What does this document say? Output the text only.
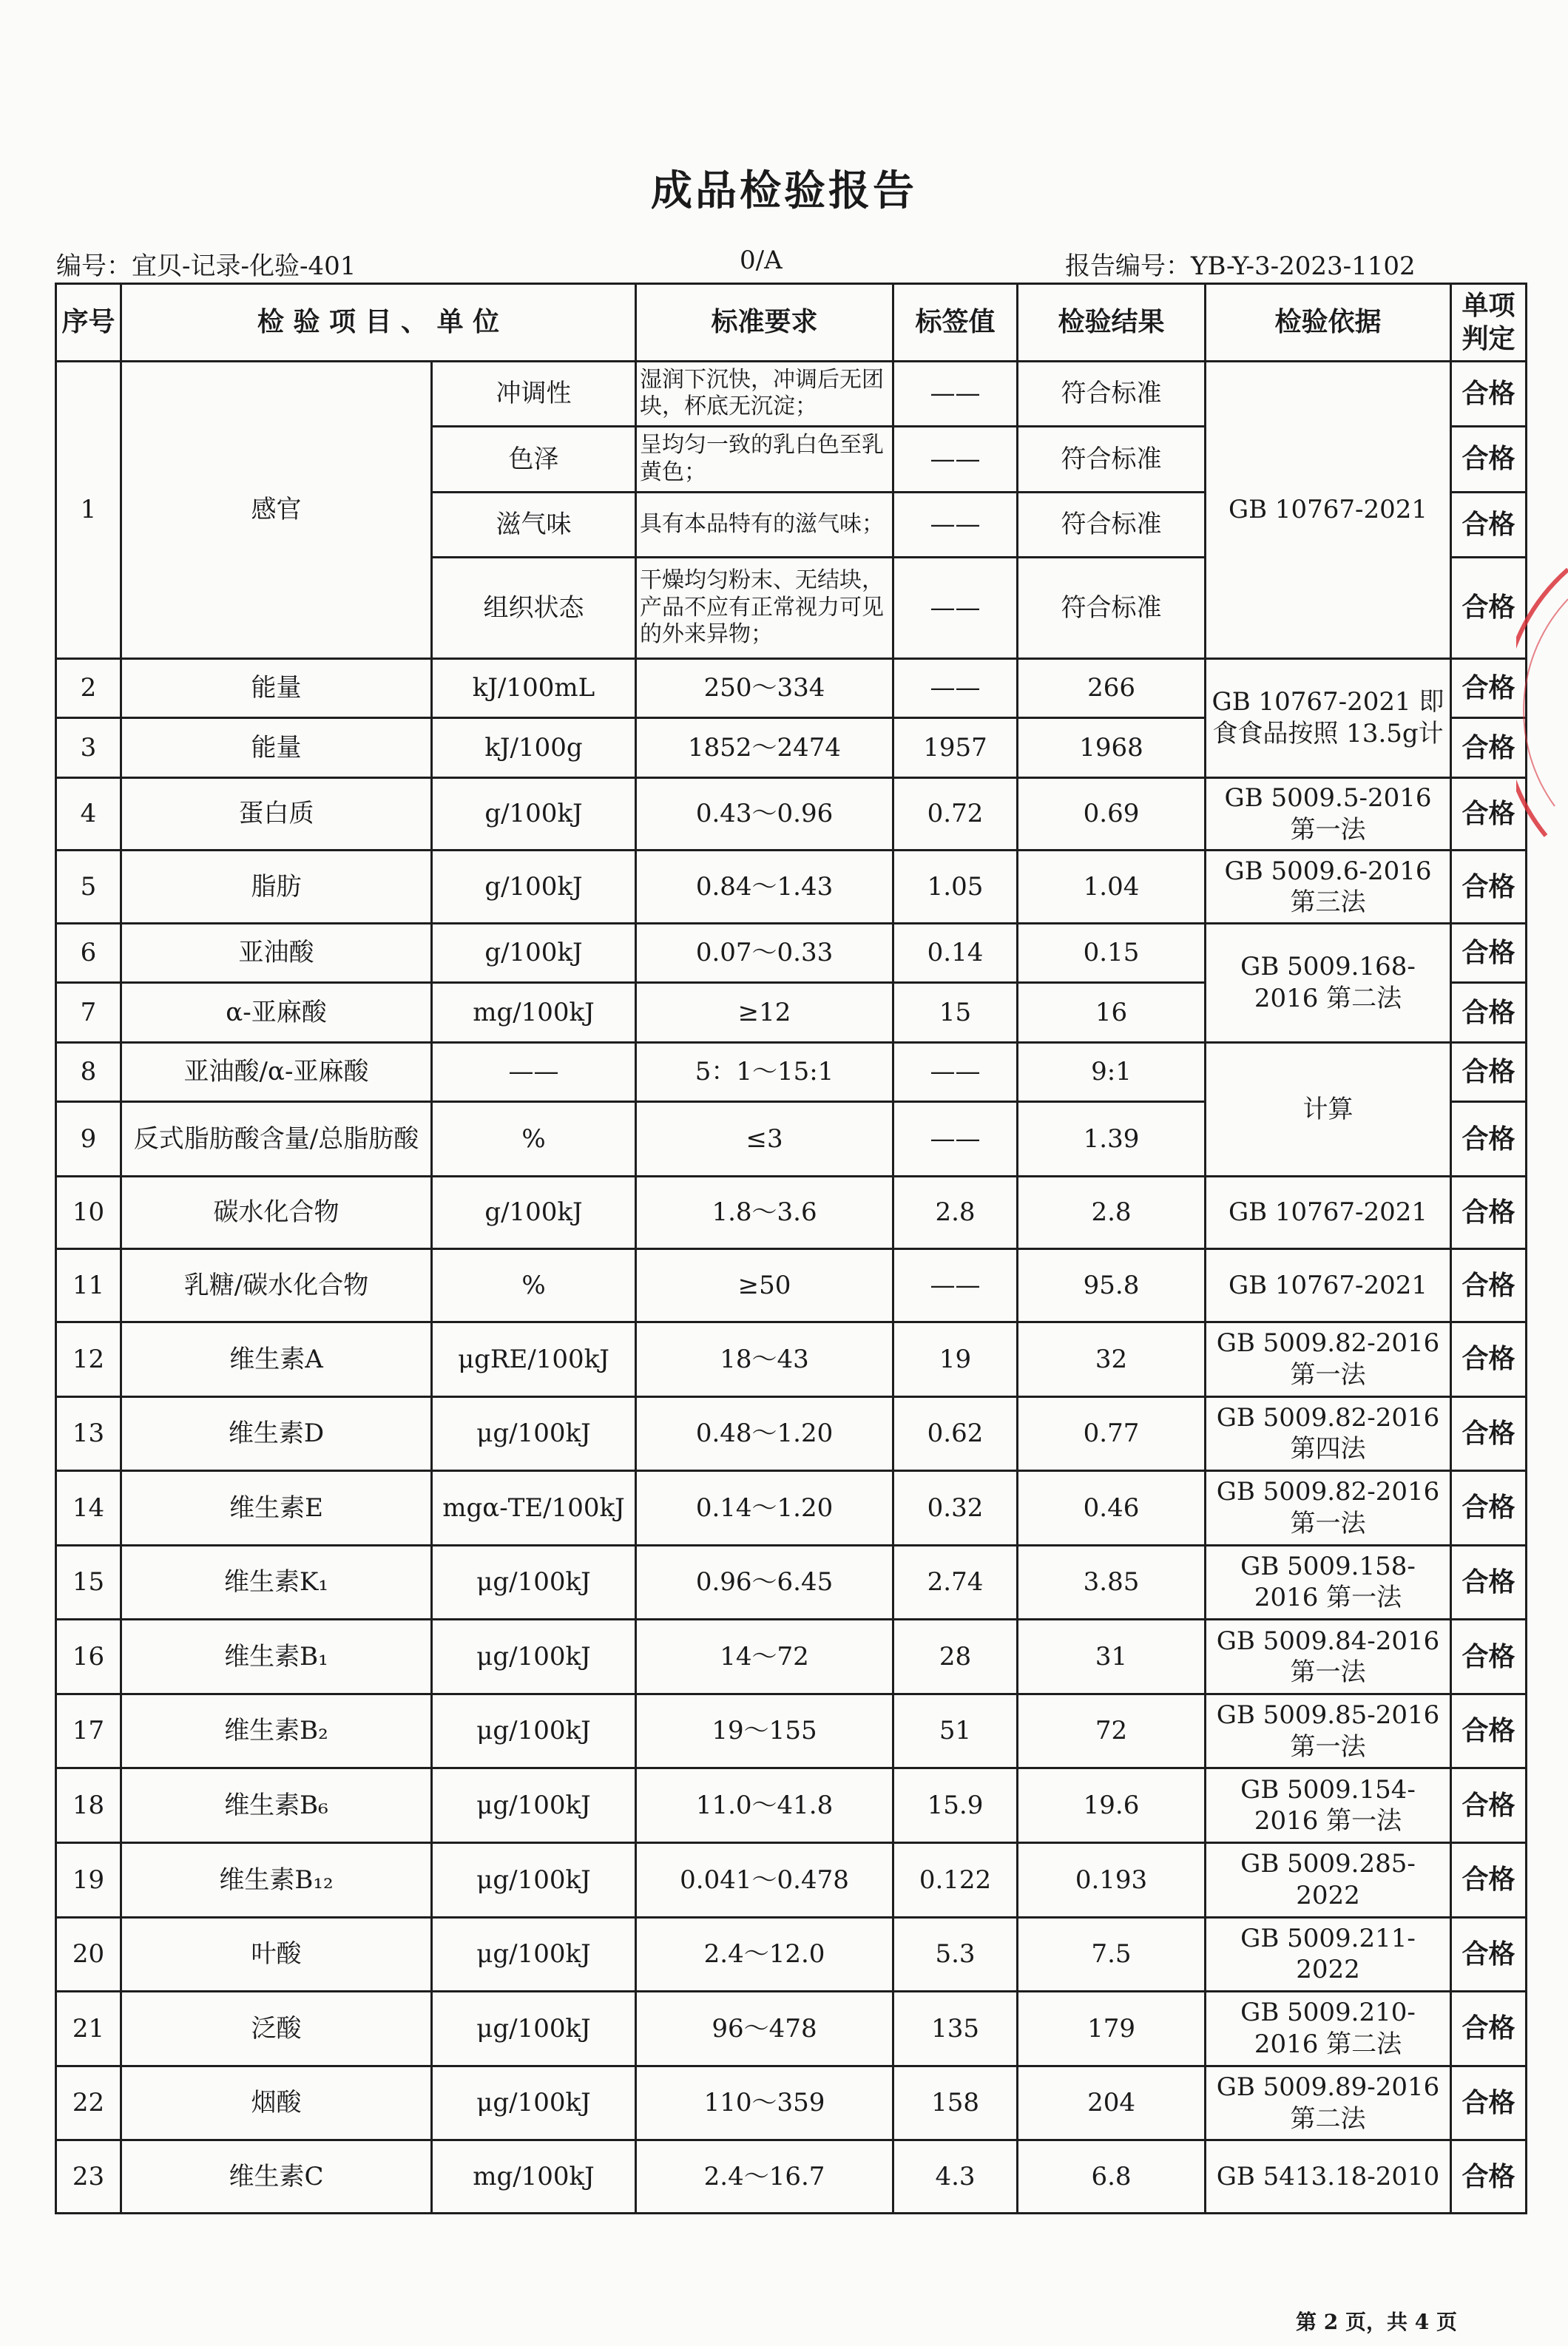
成品检验报告
编号：宜贝-记录-化验-401	0/A	报告编号：YB-Y-3-2023-1102
序号	检 验 项 目 、 单 位		标准要求	标签值	检验结果	检验依据	单项判定
1	感官	冲调性	湿润下沉快，冲调后无团块，杯底无沉淀；	——	符合标准	GB 10767-2021	合格
		色泽	呈均匀一致的乳白色至乳黄色；	——	符合标准		合格
		滋气味	具有本品特有的滋气味；	——	符合标准		合格
		组织状态	干燥均匀粉末、无结块，产品不应有正常视力可见的外来异物；	——	符合标准		合格
2	能量	kJ/100mL	250～334	——	266	GB 10767-2021 即食食品按照 13.5g计	合格
3	能量	kJ/100g	1852～2474	1957	1968		合格
4	蛋白质	g/100kJ	0.43～0.96	0.72	0.69	GB 5009.5-2016 第一法	合格
5	脂肪	g/100kJ	0.84～1.43	1.05	1.04	GB 5009.6-2016 第三法	合格
6	亚油酸	g/100kJ	0.07～0.33	0.14	0.15	GB 5009.168-2016 第二法	合格
7	α-亚麻酸	mg/100kJ	≥12	15	16		合格
8	亚油酸/α-亚麻酸	——	5：1～15:1	——	9:1	计算	合格
9	反式脂肪酸含量/总脂肪酸	%	≤3	——	1.39		合格
10	碳水化合物	g/100kJ	1.8～3.6	2.8	2.8	GB 10767-2021	合格
11	乳糖/碳水化合物	%	≥50	——	95.8	GB 10767-2021	合格
12	维生素A	μgRE/100kJ	18～43	19	32	GB 5009.82-2016 第一法	合格
13	维生素D	μg/100kJ	0.48～1.20	0.62	0.77	GB 5009.82-2016 第四法	合格
14	维生素E	mgα-TE/100kJ	0.14～1.20	0.32	0.46	GB 5009.82-2016 第一法	合格
15	维生素K₁	μg/100kJ	0.96～6.45	2.74	3.85	GB 5009.158-2016 第一法	合格
16	维生素B₁	μg/100kJ	14～72	28	31	GB 5009.84-2016 第一法	合格
17	维生素B₂	μg/100kJ	19～155	51	72	GB 5009.85-2016 第一法	合格
18	维生素B₆	μg/100kJ	11.0～41.8	15.9	19.6	GB 5009.154-2016 第一法	合格
19	维生素B₁₂	μg/100kJ	0.041～0.478	0.122	0.193	GB 5009.285-2022	合格
20	叶酸	μg/100kJ	2.4～12.0	5.3	7.5	GB 5009.211-2022	合格
21	泛酸	μg/100kJ	96～478	135	179	GB 5009.210-2016 第二法	合格
22	烟酸	μg/100kJ	110～359	158	204	GB 5009.89-2016 第二法	合格
23	维生素C	mg/100kJ	2.4～16.7	4.3	6.8	GB 5413.18-2010	合格
第 2 页，共 4 页
